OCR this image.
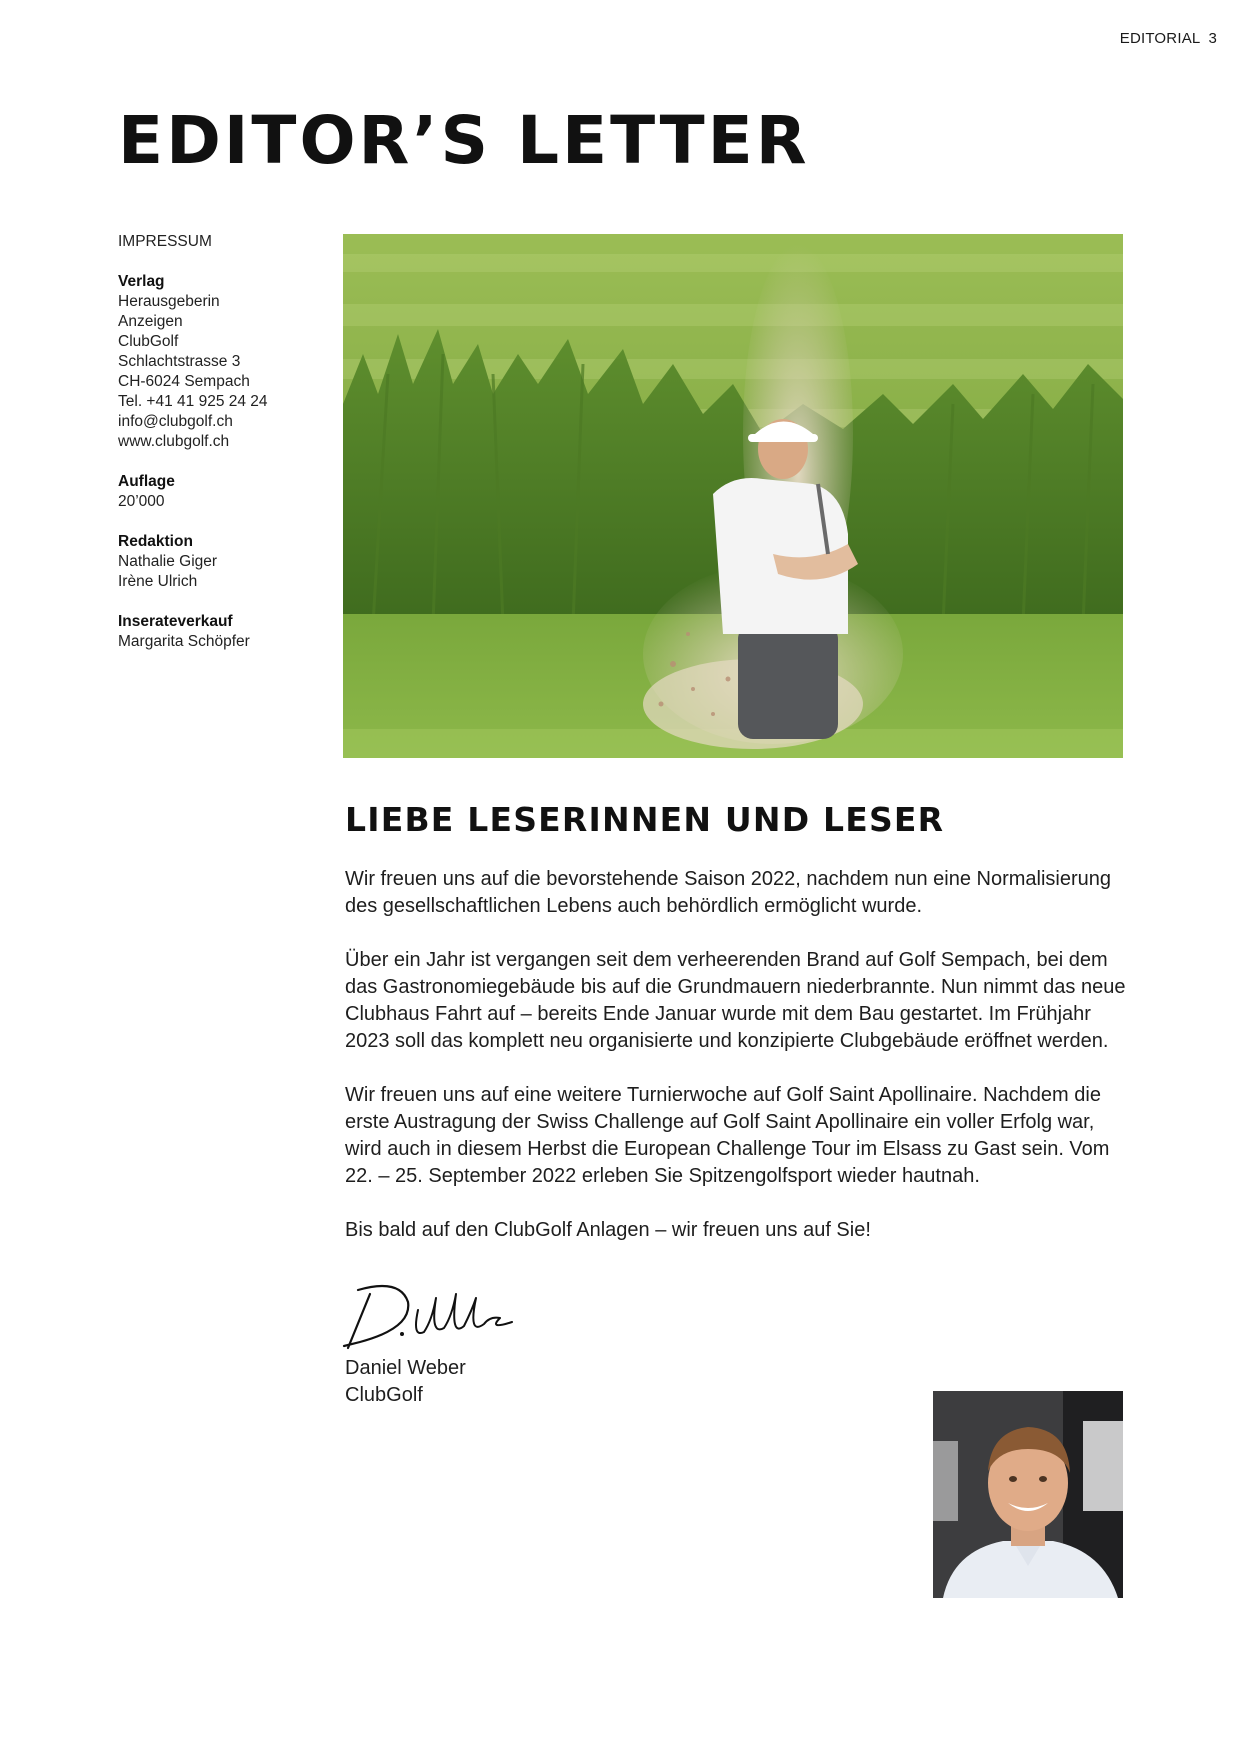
EDITORIAL 3
EDITOR’S LETTER
IMPRESSUM
Verlag

Herausgeberin

Anzeigen

ClubGolf

Schlachtstrasse 3

CH-6024 Sempach

Tel. +41 41 925 24 24

info@clubgolf.ch

www.clubgolf.ch

Auflage

20’000

Redaktion

Nathalie Giger

Irène Ulrich

Inserateverkauf

Margarita Schöpfer

LIEBE LESERINNEN UND LESER

Wir freuen uns auf die bevorstehende Saison 2022, nachdem nun eine Normalisierung des gesellschaftlichen Lebens auch behördlich ermöglicht wurde.

Über ein Jahr ist vergangen seit dem verheerenden Brand auf Golf Sempach, bei dem das Gastronomiegebäude bis auf die Grundmauern niederbrannte. Nun nimmt das neue Clubhaus Fahrt auf – bereits Ende Januar wurde mit dem Bau gestartet. Im Frühjahr 2023 soll das komplett neu organisierte und konzipierte Clubgebäude eröffnet werden.

Wir freuen uns auf eine weitere Turnierwoche auf Golf Saint Apollinaire. Nachdem die erste Austragung der Swiss Challenge auf Golf Saint Apollinaire ein voller Erfolg war, wird auch in diesem Herbst die European Challenge Tour im Elsass zu Gast sein. Vom 22. – 25. September 2022 erleben Sie Spitzengolfsport wieder hautnah.

Bis bald auf den ClubGolf Anlagen – wir freuen uns auf Sie!

Daniel Weber
ClubGolf
